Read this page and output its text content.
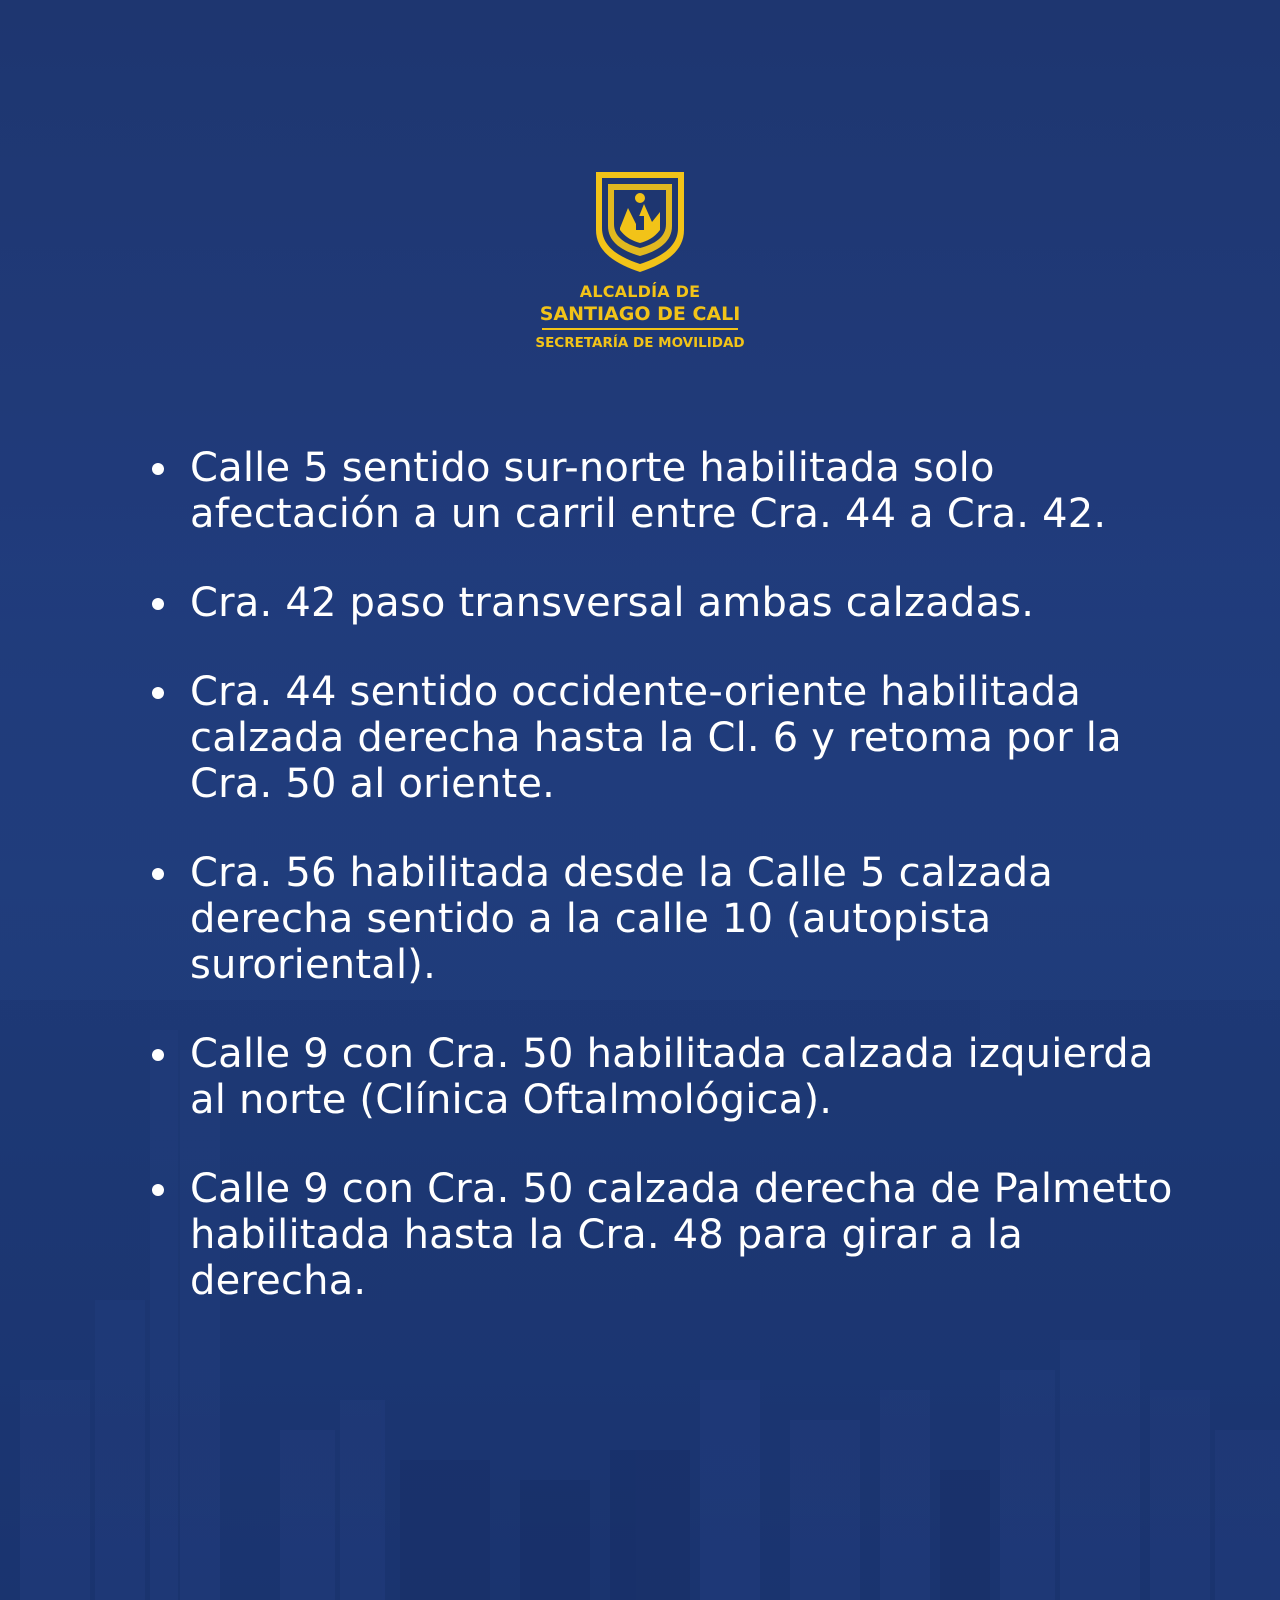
ALCALDÍA DE
SANTIAGO DE CALI
SECRETARÍA DE MOVILIDAD
Calle 5 sentido sur-norte habilitada solo afectación a un carril entre Cra. 44 a Cra. 42.
Cra. 42 paso transversal ambas calzadas.
Cra. 44 sentido occidente-oriente habilitada calzada derecha hasta la Cl. 6 y retoma por la Cra. 50 al oriente.
Cra. 56 habilitada desde la Calle 5 calzada derecha sentido a la calle 10 (autopista suroriental).
Calle 9 con Cra. 50 habilitada calzada izquierda al norte (Clínica Oftalmológica).
Calle 9 con Cra. 50 calzada derecha de Palmetto habilitada hasta la Cra. 48 para girar a la derecha.
